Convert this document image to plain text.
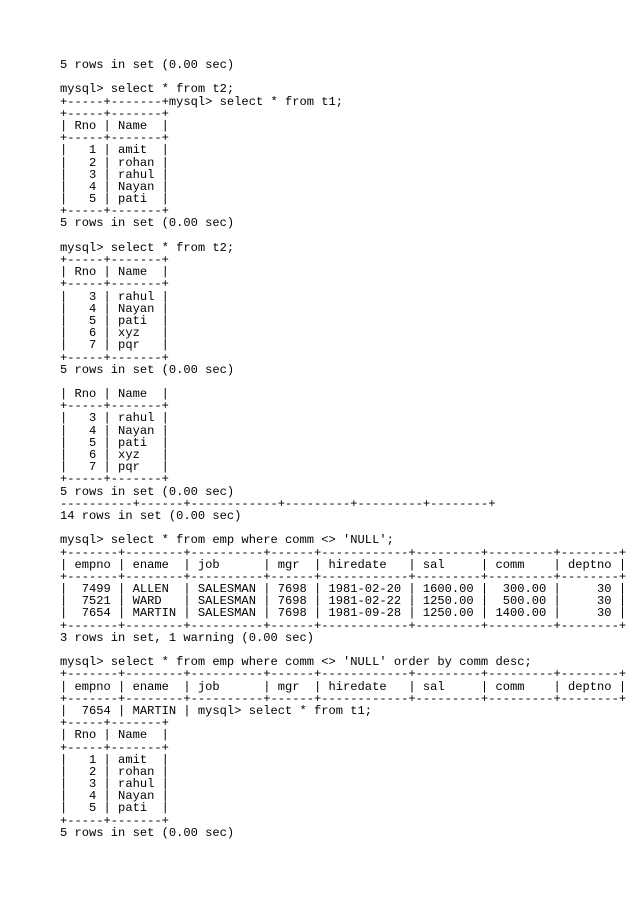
5 rows in set (0.00 sec)
mysql> select * from t2;
+-----+-------+mysql> select * from t1;
+-----+-------+
| Rno | Name  |
+-----+-------+
|   1 | amit  |
|   2 | rohan |
|   3 | rahul |
|   4 | Nayan |
|   5 | pati  |
+-----+-------+
5 rows in set (0.00 sec)
mysql> select * from t2;
+-----+-------+
| Rno | Name  |
+-----+-------+
|   3 | rahul |
|   4 | Nayan |
|   5 | pati  |
|   6 | xyz   |
|   7 | pqr   |
+-----+-------+
5 rows in set (0.00 sec)
| Rno | Name  |
+-----+-------+
|   3 | rahul |
|   4 | Nayan |
|   5 | pati  |
|   6 | xyz   |
|   7 | pqr   |
+-----+-------+
5 rows in set (0.00 sec)
----------+------+------------+---------+---------+--------+
14 rows in set (0.00 sec)
mysql> select * from emp where comm <> 'NULL';
+-------+--------+----------+------+------------+---------+---------+--------+
| empno | ename  | job      | mgr  | hiredate   | sal     | comm    | deptno |
+-------+--------+----------+------+------------+---------+---------+--------+
|  7499 | ALLEN  | SALESMAN | 7698 | 1981-02-20 | 1600.00 |  300.00 |     30 |
|  7521 | WARD   | SALESMAN | 7698 | 1981-02-22 | 1250.00 |  500.00 |     30 |
|  7654 | MARTIN | SALESMAN | 7698 | 1981-09-28 | 1250.00 | 1400.00 |     30 |
+-------+--------+----------+------+------------+---------+---------+--------+
3 rows in set, 1 warning (0.00 sec)
mysql> select * from emp where comm <> 'NULL' order by comm desc;
+-------+--------+----------+------+------------+---------+---------+--------+
| empno | ename  | job      | mgr  | hiredate   | sal     | comm    | deptno |
+-------+--------+----------+------+------------+---------+---------+--------+
|  7654 | MARTIN | mysql> select * from t1;
+-----+-------+
| Rno | Name  |
+-----+-------+
|   1 | amit  |
|   2 | rohan |
|   3 | rahul |
|   4 | Nayan |
|   5 | pati  |
+-----+-------+
5 rows in set (0.00 sec)
